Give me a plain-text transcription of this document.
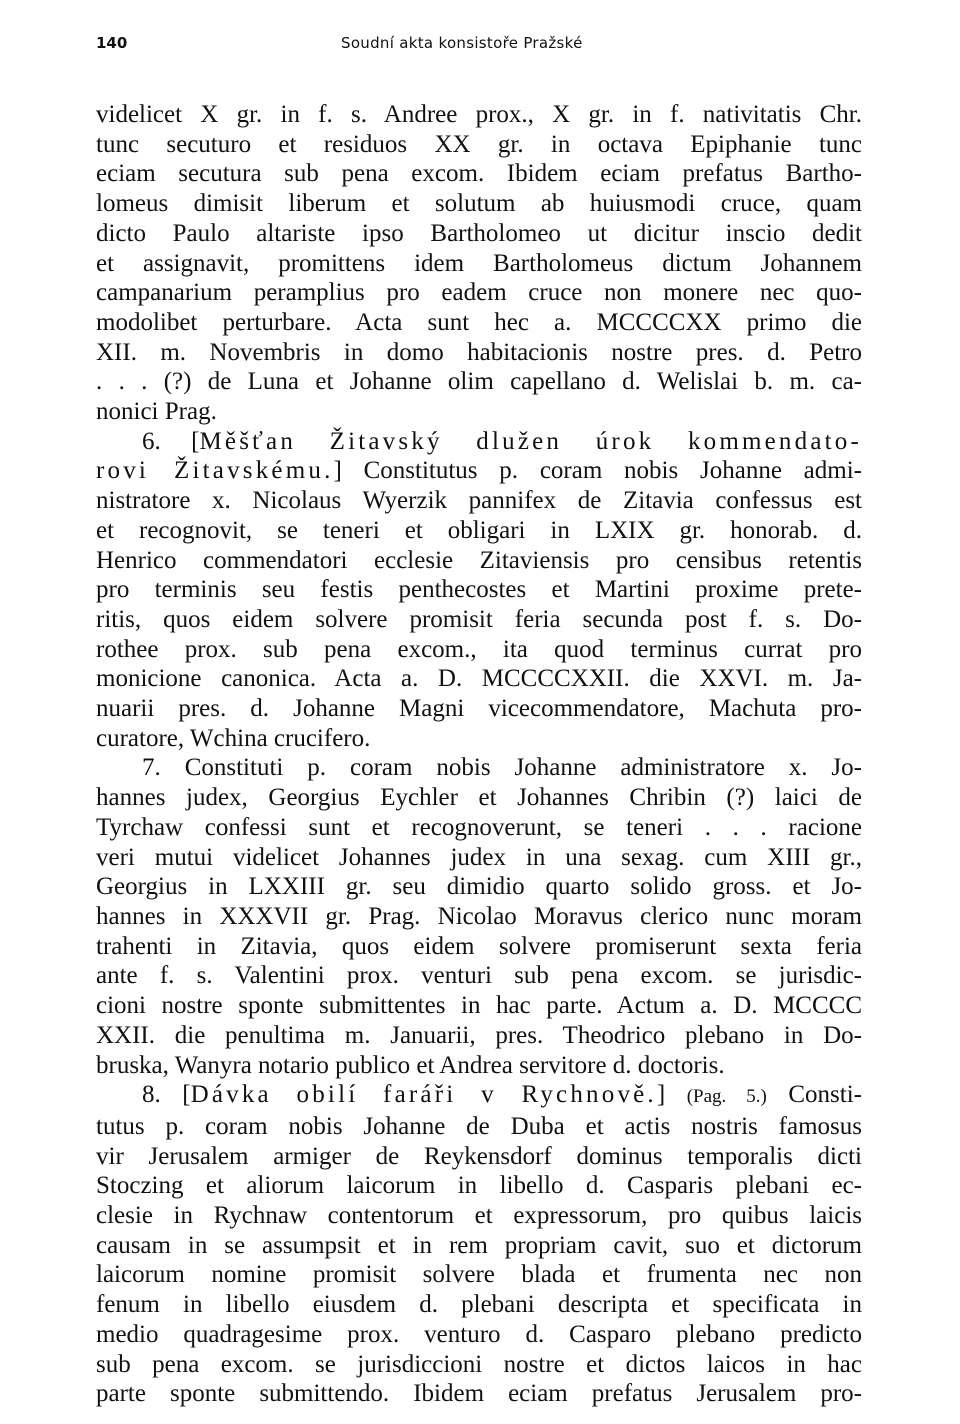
140	Soudní akta konsistoře Pražské
videlicet X gr. in f. s. Andree prox., X gr. in f. nativitatis Chr.
tunc secuturo et residuos XX gr. in octava Epiphanie tunc
eciam secutura sub pena excom. Ibidem eciam prefatus Bartho-
lomeus dimisit liberum et solutum ab huiusmodi cruce, quam
dicto Paulo altariste ipso Bartholomeo ut dicitur inscio dedit
et assignavit, promittens idem Bartholomeus dictum Johannem
campanarium peramplius pro eadem cruce non monere nec quo-
modolibet perturbare. Acta sunt hec a. MCCCCXX primo die
XII. m. Novembris in domo habitacionis nostre pres. d. Petro
. . . (?) de Luna et Johanne olim capellano d. Welislai b. m. ca-
nonici Prag.
6. [Měšťan Žitavský dlužen úrok kommendato-
rovi Žitavskému.] Constitutus p. coram nobis Johanne admi-
nistratore x. Nicolaus Wyerzik pannifex de Zitavia confessus est
et recognovit, se teneri et obligari in LXIX gr. honorab. d.
Henrico commendatori ecclesie Zitaviensis pro censibus retentis
pro terminis seu festis penthecostes et Martini proxime prete-
ritis, quos eidem solvere promisit feria secunda post f. s. Do-
rothee prox. sub pena excom., ita quod terminus currat pro
monicione canonica. Acta a. D. MCCCCXXII. die XXVI. m. Ja-
nuarii pres. d. Johanne Magni vicecommendatore, Machuta pro-
curatore, Wchina crucifero.
7. Constituti p. coram nobis Johanne administratore x. Jo-
hannes judex, Georgius Eychler et Johannes Chribin (?) laici de
Tyrchaw confessi sunt et recognoverunt, se teneri . . . racione
veri mutui videlicet Johannes judex in una sexag. cum XIII gr.,
Georgius in LXXIII gr. seu dimidio quarto solido gross. et Jo-
hannes in XXXVII gr. Prag. Nicolao Moravus clerico nunc moram
trahenti in Zitavia, quos eidem solvere promiserunt sexta feria
ante f. s. Valentini prox. venturi sub pena excom. se jurisdic-
cioni nostre sponte submittentes in hac parte. Actum a. D. MCCCC
XXII. die penultima m. Januarii, pres. Theodrico plebano in Do-
bruska, Wanyra notario publico et Andrea servitore d. doctoris.
8. [Dávka obilí faráři v Rychnově.] (Pag. 5.) Consti-
tutus p. coram nobis Johanne de Duba et actis nostris famosus
vir Jerusalem armiger de Reykensdorf dominus temporalis dicti
Stoczing et aliorum laicorum in libello d. Casparis plebani ec-
clesie in Rychnaw contentorum et expressorum, pro quibus laicis
causam in se assumpsit et in rem propriam cavit, suo et dictorum
laicorum nomine promisit solvere blada et frumenta nec non
fenum in libello eiusdem d. plebani descripta et specificata in
medio quadragesime prox. venturo d. Casparo plebano predicto
sub pena excom. se jurisdiccioni nostre et dictos laicos in hac
parte sponte submittendo. Ibidem eciam prefatus Jerusalem pro-
